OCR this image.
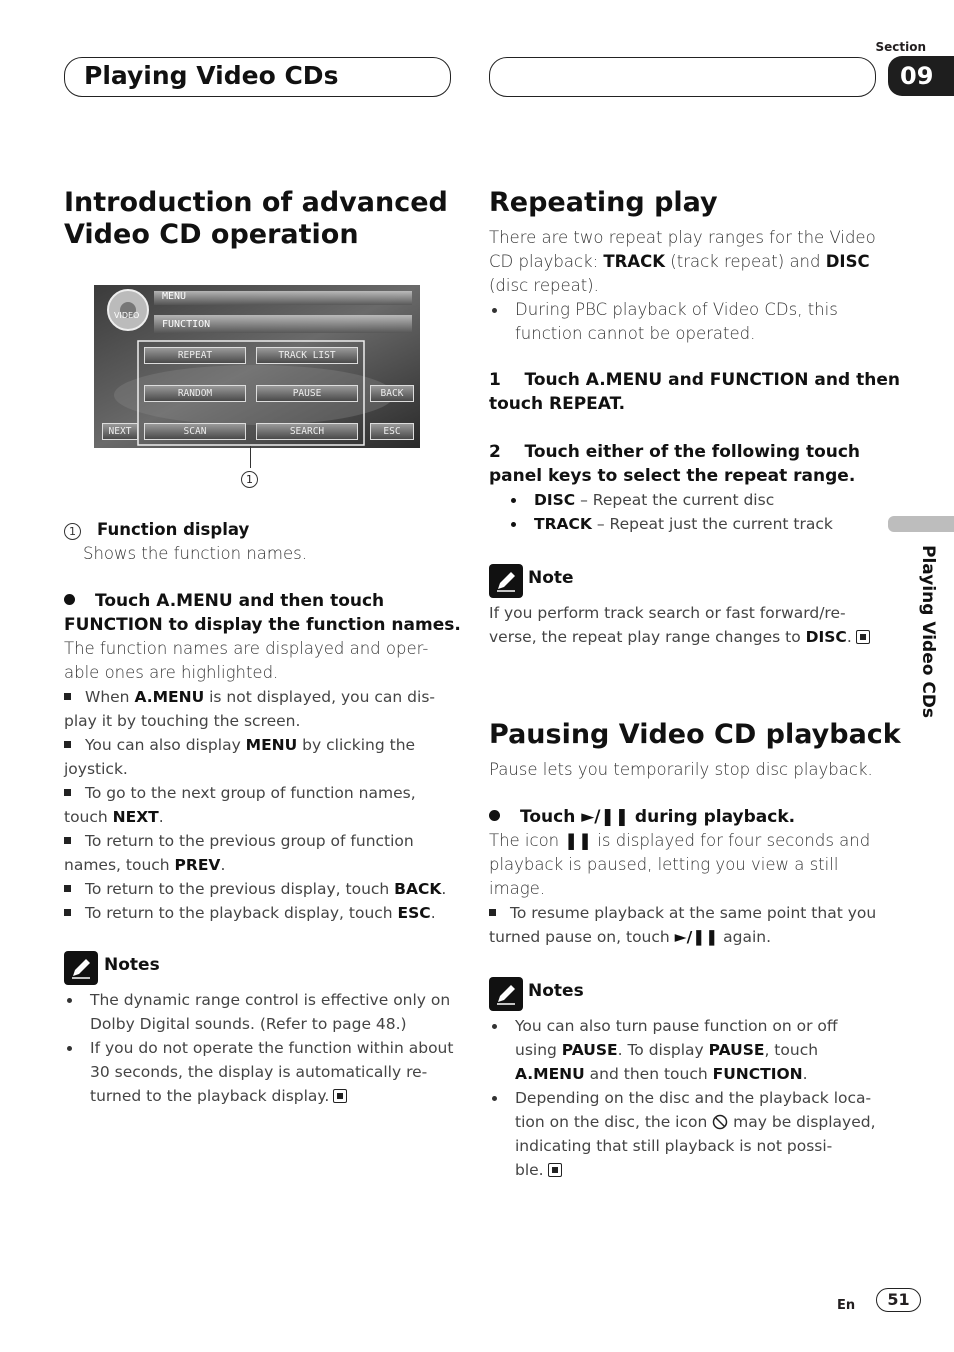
Playing Video CDs
Section
09
Playing Video CDs
Introduction of advanced
Video CD operation
VIDEO
MENU
FUNCTION
REPEAT	TRACK LIST
RANDOM	PAUSE	BACK
NEXT	SCAN	SEARCH	ESC
1
1 Function display
Shows the function names.
Touch A.MENU and then touch
FUNCTION to display the function names.
The function names are displayed and oper-
able ones are highlighted.
When A.MENU is not displayed, you can dis-
play it by touching the screen.
You can also display MENU by clicking the
joystick.
To go to the next group of function names,
touch NEXT.
To return to the previous group of function
names, touch PREV.
To return to the previous display, touch BACK.
To return to the playback display, touch ESC.
Notes
The dynamic range control is effective only on
Dolby Digital sounds. (Refer to page 48.)
If you do not operate the function within about
30 seconds, the display is automatically re-
turned to the playback display.
Repeating play
There are two repeat play ranges for the Video
CD playback: TRACK (track repeat) and DISC
(disc repeat).
During PBC playback of Video CDs, this
function cannot be operated.
1    Touch A.MENU and FUNCTION and then
touch REPEAT.
2    Touch either of the following touch
panel keys to select the repeat range.
DISC – Repeat the current disc
TRACK – Repeat just the current track
Note
If you perform track search or fast forward/re-
verse, the repeat play range changes to DISC.
Pausing Video CD playback
Pause lets you temporarily stop disc playback.
Touch ►/❚❚ during playback.
The icon ❚❚ is displayed for four seconds and
playback is paused, letting you view a still
image.
To resume playback at the same point that you
turned pause on, touch ►/❚❚ again.
Notes
You can also turn pause function on or off
using PAUSE. To display PAUSE, touch
A.MENU and then touch FUNCTION.
Depending on the disc and the playback loca-
tion on the disc, the icon  may be displayed,
indicating that still playback is not possi-
ble.
En	51
